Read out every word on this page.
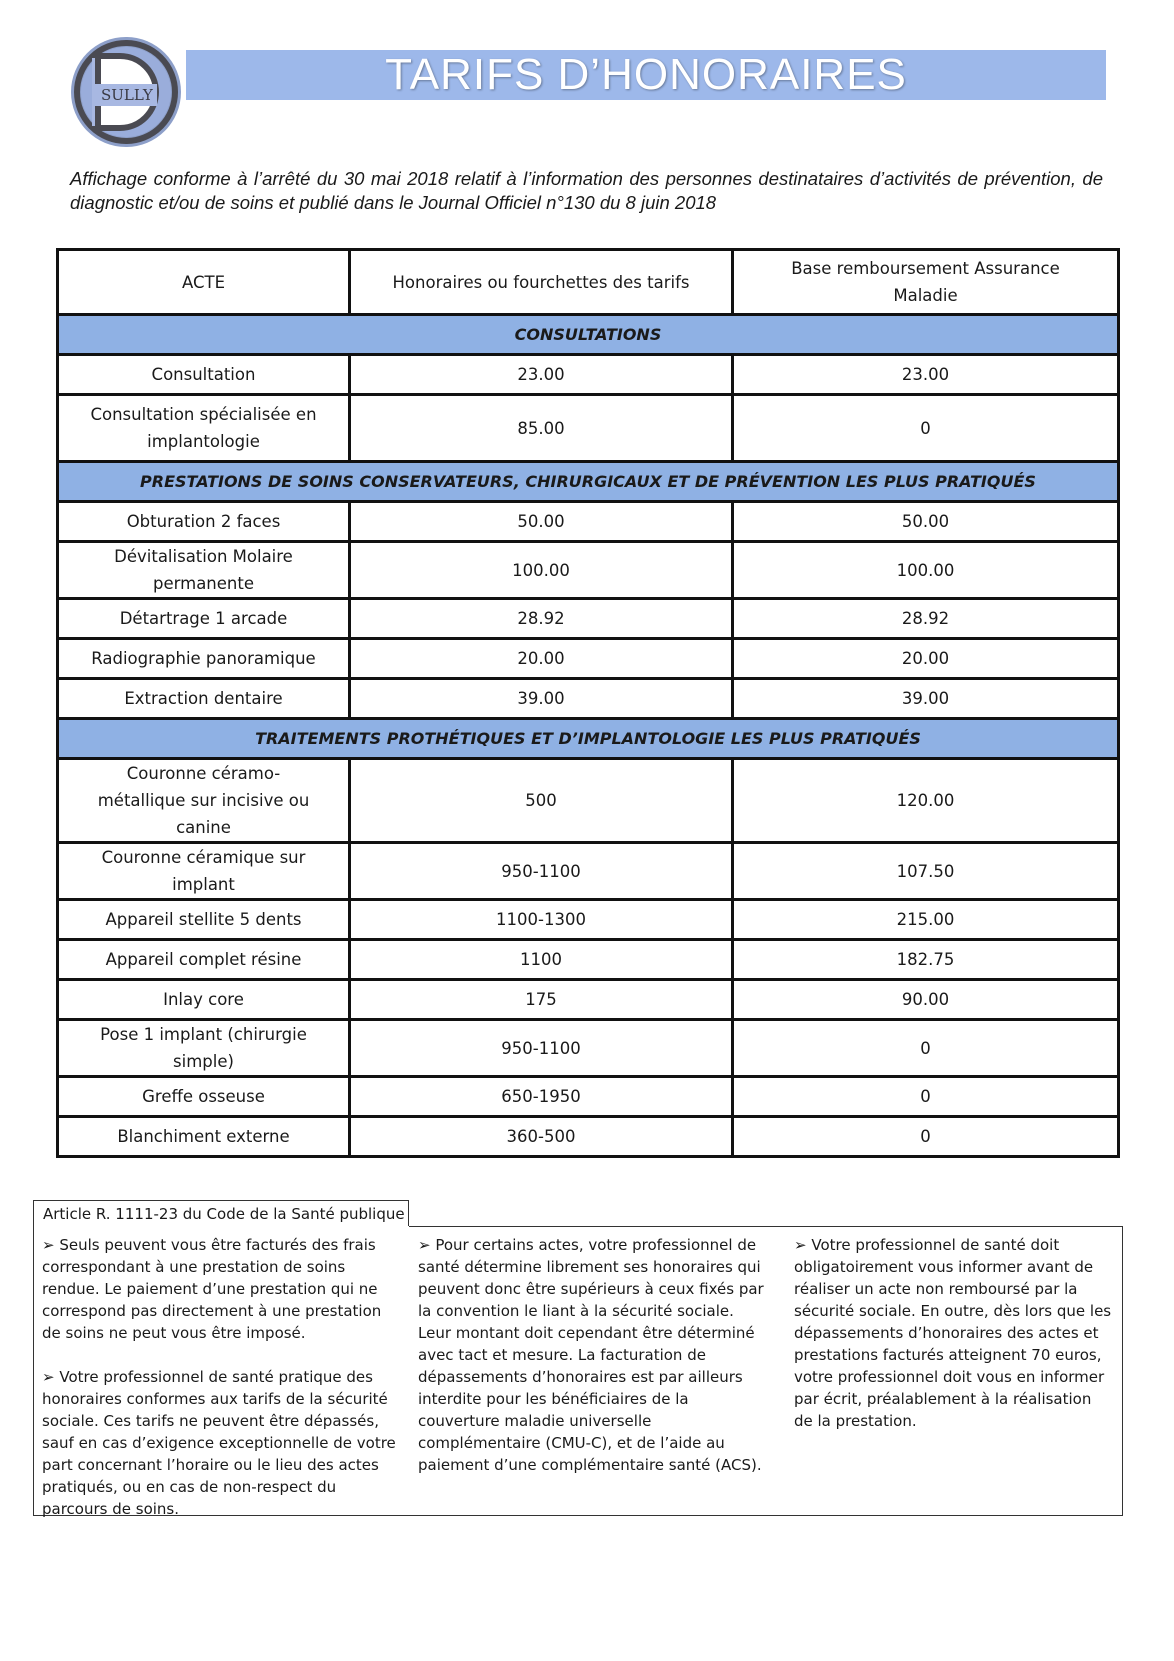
SULLY	TARIFS D’HONORAIRES
Affichage conforme à l’arrêté du 30 mai 2018 relatif à l’information des personnes destinataires d’activités de prévention, de diagnostic et/ou de soins et publié dans le Journal Officiel n°130 du 8 juin 2018
ACTE	Honoraires ou fourchettes des tarifs	Base remboursement Assurance Maladie
CONSULTATIONS		
Consultation	23.00	23.00
Consultation spécialisée en implantologie	85.00	0
PRESTATIONS DE SOINS CONSERVATEURS, CHIRURGICAUX ET DE PRÉVENTION LES PLUS PRATIQUÉS		
Obturation 2 faces	50.00	50.00
Dévitalisation Molaire permanente	100.00	100.00
Détartrage 1 arcade	28.92	28.92
Radiographie panoramique	20.00	20.00
Extraction dentaire	39.00	39.00
TRAITEMENTS PROTHÉTIQUES ET D’IMPLANTOLOGIE LES PLUS PRATIQUÉS		
Couronne céramo-métallique sur incisive ou canine	500	120.00
Couronne céramique sur implant	950-1100	107.50
Appareil stellite 5 dents	1100-1300	215.00
Appareil complet résine	1100	182.75
Inlay core	175	90.00
Pose 1 implant (chirurgie simple)	950-1100	0
Greffe osseuse	650-1950	0
Blanchiment externe	360-500	0
Article R. 1111-23 du Code de la Santé publique

➢ Seuls peuvent vous être facturés des frais correspondant à une prestation de soins rendue. Le paiement d’une prestation qui ne correspond pas directement à une prestation de soins ne peut vous être imposé.

➢ Votre professionnel de santé pratique des honoraires conformes aux tarifs de la sécurité sociale. Ces tarifs ne peuvent être dépassés, sauf en cas d’exigence exceptionnelle de votre part concernant l’horaire ou le lieu des actes pratiqués, ou en cas de non-respect du parcours de soins.

➢ Pour certains actes, votre professionnel de santé détermine librement ses honoraires qui peuvent donc être supérieurs à ceux fixés par la convention le liant à la sécurité sociale. Leur montant doit cependant être déterminé avec tact et mesure. La facturation de dépassements d’honoraires est par ailleurs interdite pour les bénéficiaires de la couverture maladie universelle complémentaire (CMU-C), et de l’aide au paiement d’une complémentaire santé (ACS).

➢ Votre professionnel de santé doit obligatoirement vous informer avant de réaliser un acte non remboursé par la sécurité sociale. En outre, dès lors que les dépassements d’honoraires des actes et prestations facturés atteignent 70 euros, votre professionnel doit vous en informer par écrit, préalablement à la réalisation de la prestation.
